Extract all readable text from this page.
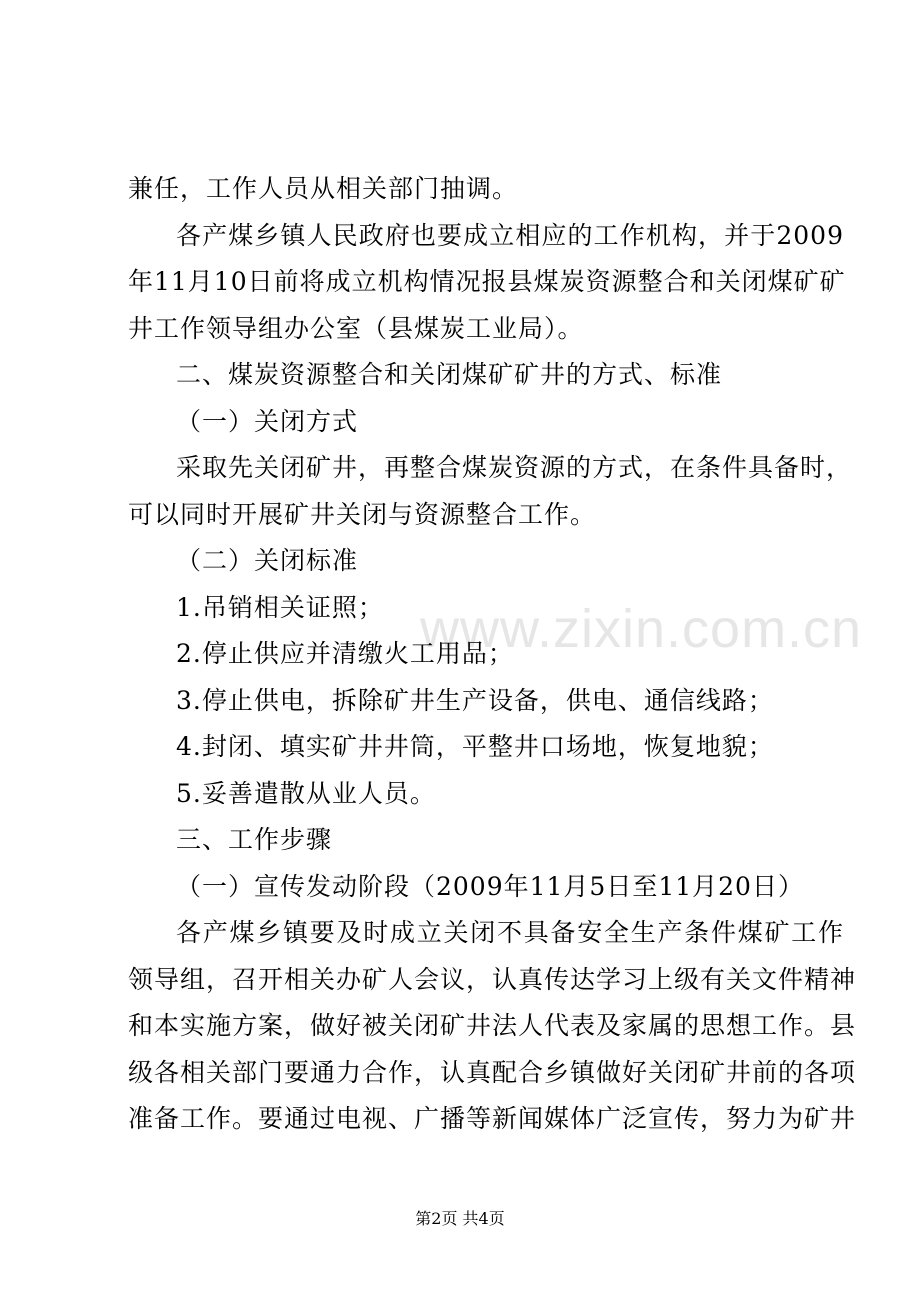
www.zixin.com.cn
兼任，工作人员从相关部门抽调。
各产煤乡镇人民政府也要成立相应的工作机构，并于2009
年11月10日前将成立机构情况报县煤炭资源整合和关闭煤矿矿
井工作领导组办公室（县煤炭工业局）。
二、煤炭资源整合和关闭煤矿矿井的方式、标准
（一）关闭方式
采取先关闭矿井，再整合煤炭资源的方式，在条件具备时，
可以同时开展矿井关闭与资源整合工作。
（二）关闭标准
1.吊销相关证照；
2.停止供应并清缴火工用品；
3.停止供电，拆除矿井生产设备，供电、通信线路；
4.封闭、填实矿井井筒，平整井口场地，恢复地貌；
5.妥善遣散从业人员。
三、工作步骤
（一）宣传发动阶段（2009年11月5日至11月20日）
各产煤乡镇要及时成立关闭不具备安全生产条件煤矿工作
领导组，召开相关办矿人会议，认真传达学习上级有关文件精神
和本实施方案，做好被关闭矿井法人代表及家属的思想工作。县
级各相关部门要通力合作，认真配合乡镇做好关闭矿井前的各项
准备工作。要通过电视、广播等新闻媒体广泛宣传，努力为矿井
第2页 共4页
